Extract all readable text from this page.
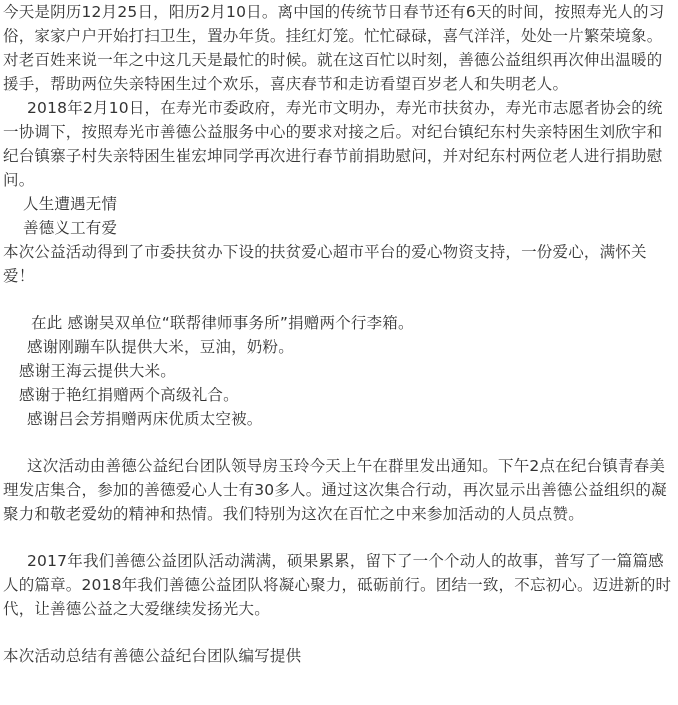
今天是阴历12月25日，阳历2月10日。离中国的传统节日春节还有6天的时间，按照寿光人的习俗，家家户户开始打扫卫生，置办年货。挂红灯笼。忙忙碌碌，喜气洋洋，处处一片繁荣境象。对老百姓来说一年之中这几天是最忙的时候。就在这百忙以时刻，善德公益组织再次伸出温暖的援手，帮助两位失亲特困生过个欢乐，喜庆春节和走访看望百岁老人和失明老人。

2018年2月10日，在寿光市委政府，寿光市文明办，寿光市扶贫办，寿光市志愿者协会的统一协调下，按照寿光市善德公益服务中心的要求对接之后。对纪台镇纪东村失亲特困生刘欣宇和纪台镇寨子村失亲特困生崔宏坤同学再次进行春节前捐助慰问，并对纪东村两位老人进行捐助慰问。

人生遭遇无情

善德义工有爱

本次公益活动得到了市委扶贫办下设的扶贫爱心超市平台的爱心物资支持，一份爱心，满怀关爱！

在此 感谢吴双单位“联帮律师事务所”捐赠两个行李箱。

感谢刚蹦车队提供大米，豆油，奶粉。

感谢王海云提供大米。

感谢于艳红捐赠两个高级礼合。

感谢吕会芳捐赠两床优质太空被。

这次活动由善德公益纪台团队领导房玉玲今天上午在群里发出通知。下午2点在纪台镇青春美理发店集合，参加的善德爱心人士有30多人。通过这次集合行动，再次显示出善德公益组织的凝聚力和敬老爱幼的精神和热情。我们特别为这次在百忙之中来参加活动的人员点赞。

2017年我们善德公益团队活动满满，硕果累累，留下了一个个动人的故事，普写了一篇篇感人的篇章。2018年我们善德公益团队将凝心聚力，砥砺前行。团结一致，不忘初心。迈进新的时代，让善德公益之大爱继续发扬光大。

本次活动总结有善德公益纪台团队编写提供
